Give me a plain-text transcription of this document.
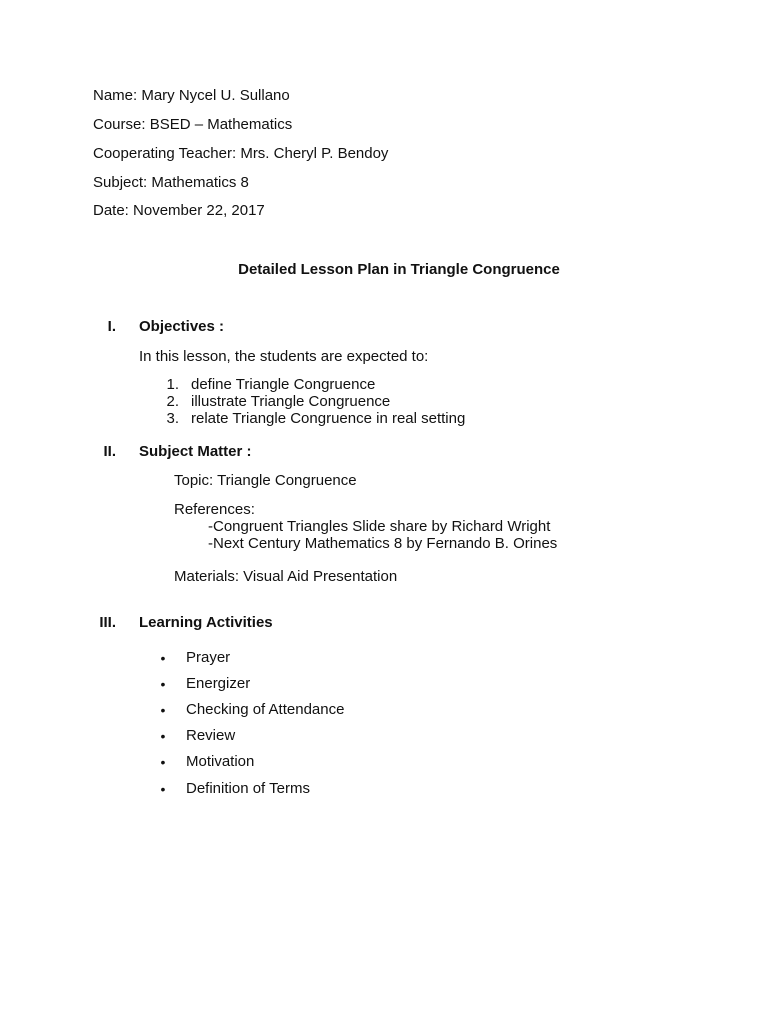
Name: Mary Nycel U. Sullano
Course: BSED – Mathematics
Cooperating Teacher: Mrs. Cheryl P. Bendoy
Subject: Mathematics 8
Date: November 22, 2017
Detailed Lesson Plan in Triangle Congruence
I. Objectives :
In this lesson, the students are expected to:
1. define Triangle Congruence
2. illustrate Triangle Congruence
3. relate Triangle Congruence in real setting
II. Subject Matter :
Topic: Triangle Congruence
References:
-Congruent Triangles Slide share by Richard Wright
-Next Century Mathematics 8 by Fernando B. Orines
Materials: Visual Aid Presentation
III. Learning Activities
• Prayer
• Energizer
• Checking of Attendance
• Review
• Motivation
• Definition of Terms
